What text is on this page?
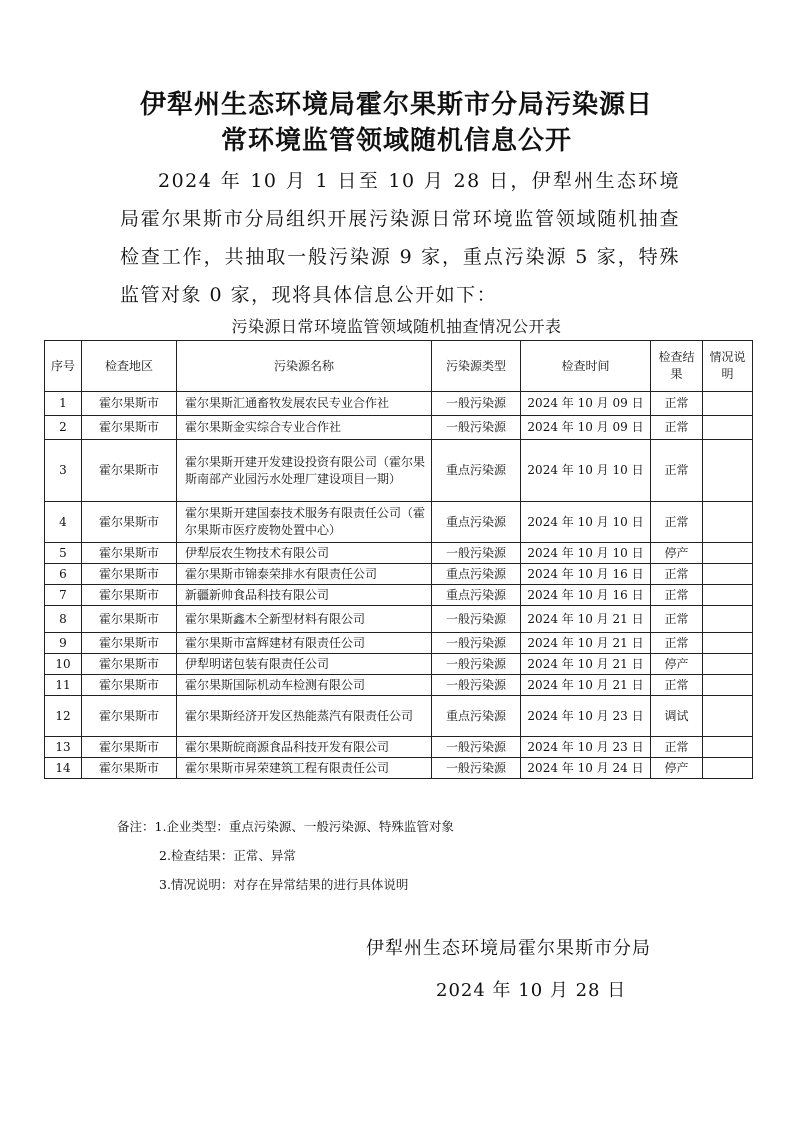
伊犁州生态环境局霍尔果斯市分局污染源日
常环境监管领域随机信息公开

2024 年 10 月 1 日至 10 月 28 日，伊犁州生态环境局霍尔果斯市分局组织开展污染源日常环境监管领域随机抽查检查工作，共抽取一般污染源 9 家，重点污染源 5 家，特殊监管对象 0 家，现将具体信息公开如下：

污染源日常环境监管领域随机抽查情况公开表
序号	检查地区	污染源名称	污染源类型	检查时间	检查结果	情况说明
1	霍尔果斯市	霍尔果斯汇通畜牧发展农民专业合作社	一般污染源	2024 年 10 月 09 日	正常	
2	霍尔果斯市	霍尔果斯金实综合专业合作社	一般污染源	2024 年 10 月 09 日	正常	
3	霍尔果斯市	霍尔果斯开建开发建设投资有限公司（霍尔果斯南部产业园污水处理厂建设项目一期）	重点污染源	2024 年 10 月 10 日	正常	
4	霍尔果斯市	霍尔果斯开建国泰技术服务有限责任公司（霍尔果斯市医疗废物处置中心）	重点污染源	2024 年 10 月 10 日	正常	
5	霍尔果斯市	伊犁辰农生物技术有限公司	一般污染源	2024 年 10 月 10 日	停产	
6	霍尔果斯市	霍尔果斯市锦泰荣排水有限责任公司	重点污染源	2024 年 10 月 16 日	正常	
7	霍尔果斯市	新疆新帅食品科技有限公司	重点污染源	2024 年 10 月 16 日	正常	
8	霍尔果斯市	霍尔果斯鑫木仝新型材料有限公司	一般污染源	2024 年 10 月 21 日	正常	
9	霍尔果斯市	霍尔果斯市富辉建材有限责任公司	一般污染源	2024 年 10 月 21 日	正常	
10	霍尔果斯市	伊犁明诺包装有限责任公司	一般污染源	2024 年 10 月 21 日	停产	
11	霍尔果斯市	霍尔果斯国际机动车检测有限公司	一般污染源	2024 年 10 月 21 日	正常	
12	霍尔果斯市	霍尔果斯经济开发区热能蒸汽有限责任公司	重点污染源	2024 年 10 月 23 日	调试	
13	霍尔果斯市	霍尔果斯皖商源食品科技开发有限公司	一般污染源	2024 年 10 月 23 日	正常	
14	霍尔果斯市	霍尔果斯市昇荣建筑工程有限责任公司	一般污染源	2024 年 10 月 24 日	停产	
备注：1.企业类型：重点污染源、一般污染源、特殊监管对象
2.检查结果：正常、异常
3.情况说明：对存在异常结果的进行具体说明
伊犁州生态环境局霍尔果斯市分局
2024 年 10 月 28 日
